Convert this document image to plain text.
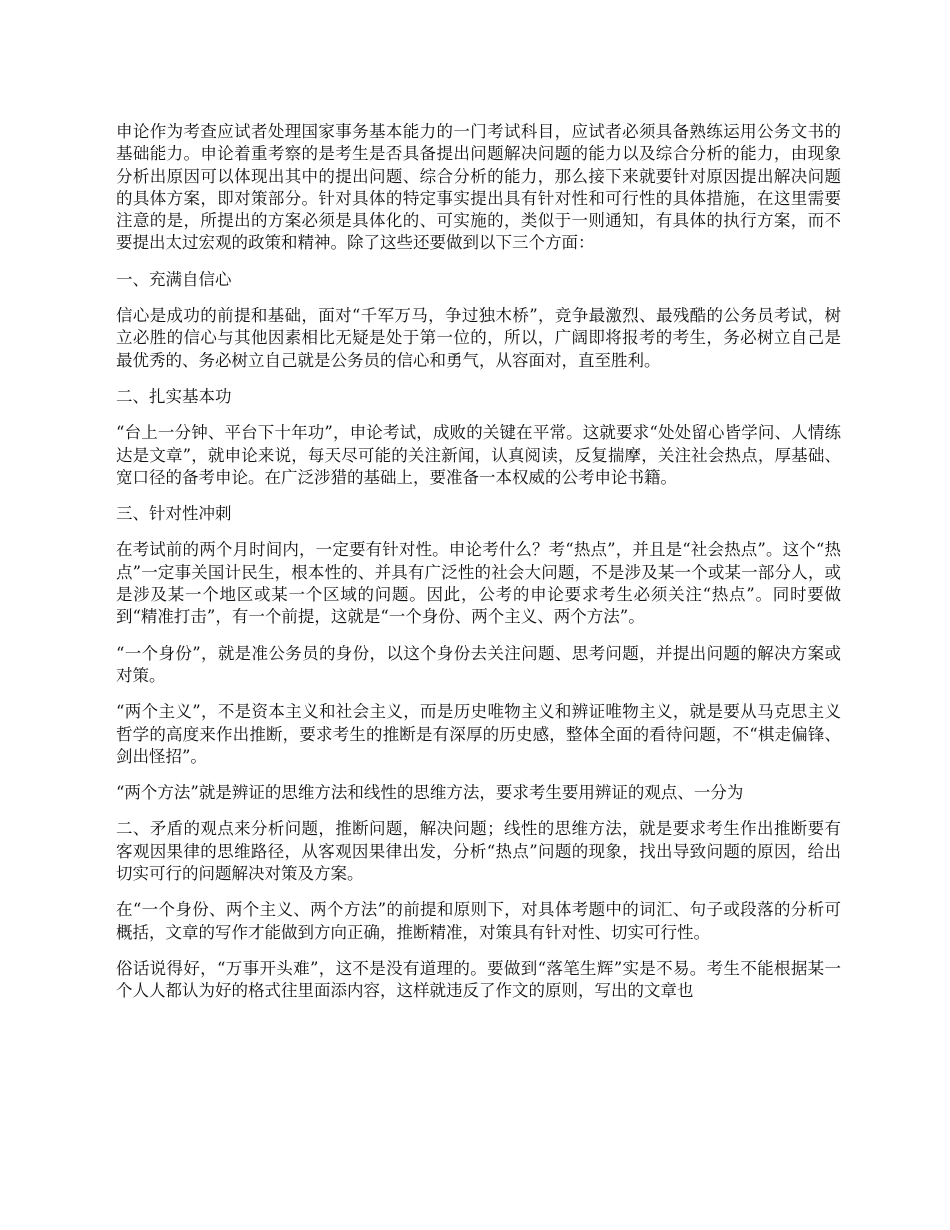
申论作为考查应试者处理国家事务基本能力的一门考试科目，应试者必须具备熟练运用公务文书的基础能力。申论着重考察的是考生是否具备提出问题解决问题的能力以及综合分析的能力，由现象分析出原因可以体现出其中的提出问题、综合分析的能力，那么接下来就要针对原因提出解决问题的具体方案，即对策部分。针对具体的特定事实提出具有针对性和可行性的具体措施，在这里需要注意的是，所提出的方案必须是具体化的、可实施的，类似于一则通知，有具体的执行方案，而不要提出太过宏观的政策和精神。除了这些还要做到以下三个方面：

一、充满自信心

信心是成功的前提和基础，面对“千军万马，争过独木桥”，竞争最激烈、最残酷的公务员考试，树立必胜的信心与其他因素相比无疑是处于第一位的，所以，广阔即将报考的考生，务必树立自己是最优秀的、务必树立自己就是公务员的信心和勇气，从容面对，直至胜利。

二、扎实基本功

“台上一分钟、平台下十年功”，申论考试，成败的关键在平常。这就要求“处处留心皆学问、人情练达是文章”，就申论来说，每天尽可能的关注新闻，认真阅读，反复揣摩，关注社会热点，厚基础、宽口径的备考申论。在广泛涉猎的基础上，要准备一本权威的公考申论书籍。

三、针对性冲刺

在考试前的两个月时间内，一定要有针对性。申论考什么？考“热点”，并且是“社会热点”。这个“热点”一定事关国计民生，根本性的、并具有广泛性的社会大问题，不是涉及某一个或某一部分人，或是涉及某一个地区或某一个区域的问题。因此，公考的申论要求考生必须关注“热点”。同时要做到“精准打击”，有一个前提，这就是“一个身份、两个主义、两个方法”。

“一个身份”，就是准公务员的身份，以这个身份去关注问题、思考问题，并提出问题的解决方案或对策。

“两个主义”，不是资本主义和社会主义，而是历史唯物主义和辨证唯物主义，就是要从马克思主义哲学的高度来作出推断，要求考生的推断是有深厚的历史感，整体全面的看待问题，不“棋走偏锋、剑出怪招”。

“两个方法”就是辨证的思维方法和线性的思维方法，要求考生要用辨证的观点、一分为

二、矛盾的观点来分析问题，推断问题，解决问题；线性的思维方法，就是要求考生作出推断要有客观因果律的思维路径，从客观因果律出发，分析“热点”问题的现象，找出导致问题的原因，给出切实可行的问题解决对策及方案。

在“一个身份、两个主义、两个方法”的前提和原则下，对具体考题中的词汇、句子或段落的分析可概括，文章的写作才能做到方向正确，推断精准，对策具有针对性、切实可行性。

俗话说得好，“万事开头难”，这不是没有道理的。要做到“落笔生辉”实是不易。考生不能根据某一个人人都认为好的格式往里面添内容，这样就违反了作文的原则，写出的文章也
